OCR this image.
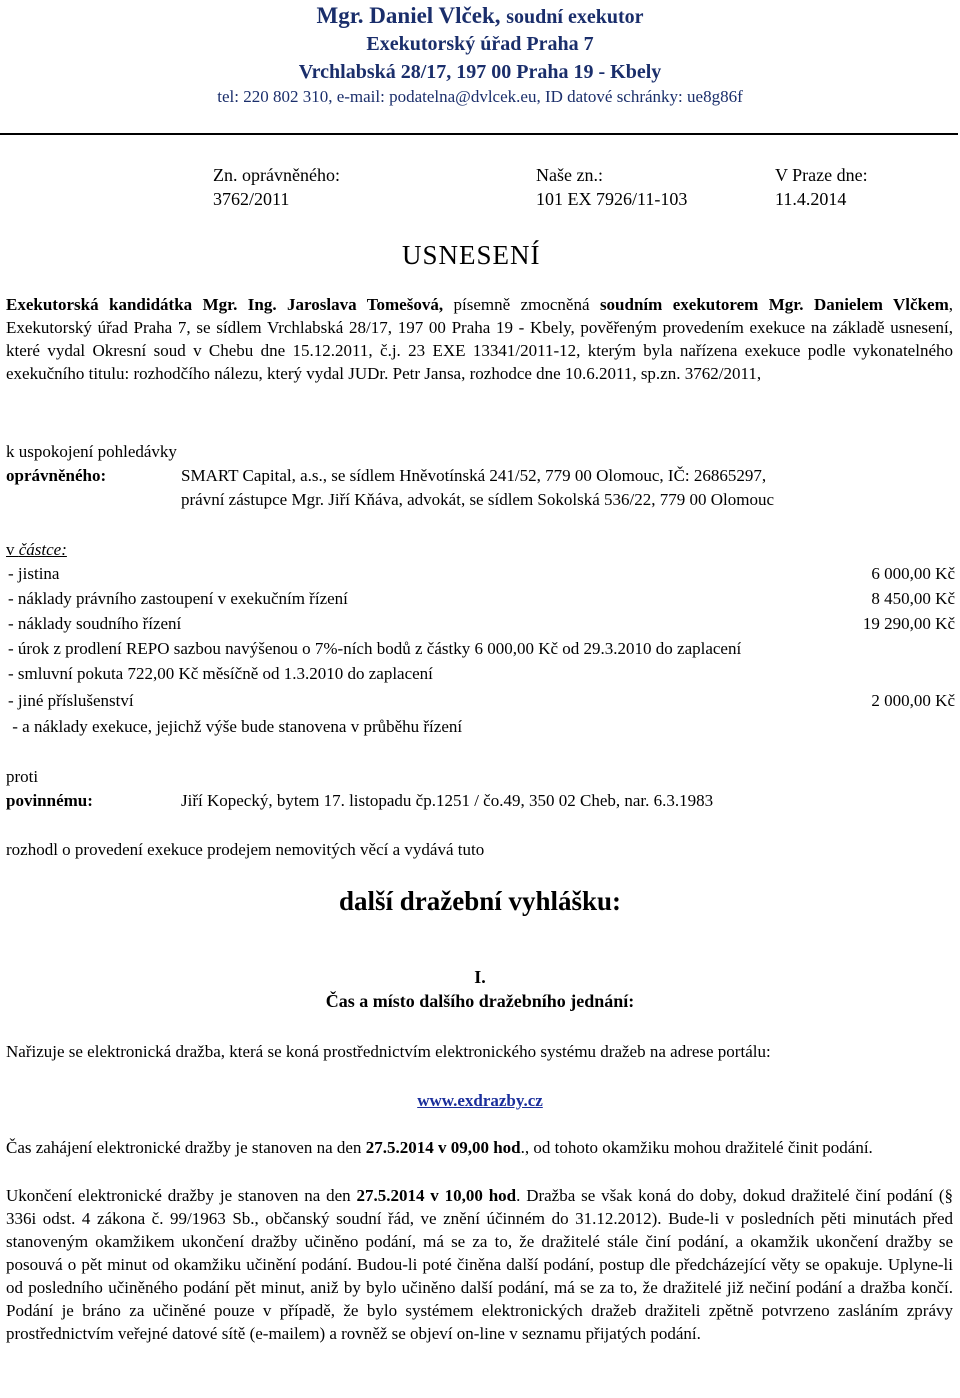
Mgr. Daniel Vlček, soudní exekutor
Exekutorský úřad Praha 7
Vrchlabská 28/17, 197 00 Praha 19 - Kbely
tel: 220 802 310, e-mail: podatelna@dvlcek.eu, ID datové schránky: ue8g86f
Zn. oprávněného:
3762/2011
Naše zn.:
101 EX 7926/11-103
V Praze dne:
11.4.2014
USNESENÍ
Exekutorská kandidátka Mgr. Ing. Jaroslava Tomešová, písemně zmocněná soudním exekutorem Mgr. Danielem Vlčkem, Exekutorský úřad Praha 7, se sídlem Vrchlabská 28/17, 197 00 Praha 19 - Kbely, pověřeným provedením exekuce na základě usnesení, které vydal Okresní soud v Chebu dne 15.12.2011, č.j. 23 EXE 13341/2011-12, kterým byla nařízena exekuce podle vykonatelného exekučního titulu: rozhodčího nálezu, který vydal JUDr. Petr Jansa, rozhodce dne 10.6.2011, sp.zn. 3762/2011,
k uspokojení pohledávky
oprávněného:	SMART Capital, a.s., se sídlem Hněvotínská 241/52, 779 00 Olomouc, IČ: 26865297,
právní zástupce Mgr. Jiří Kňáva, advokát, se sídlem Sokolská 536/22, 779 00 Olomouc
v částce:
- jistina	6 000,00 Kč
- náklady právního zastoupení v exekučním řízení	8 450,00 Kč
- náklady soudního řízení	19 290,00 Kč
- úrok z prodlení REPO sazbou navýšenou o 7%-ních bodů z částky 6 000,00 Kč od 29.3.2010 do zaplacení
- smluvní pokuta 722,00 Kč měsíčně od 1.3.2010 do zaplacení
- jiné příslušenství	2 000,00 Kč
- a náklady exekuce, jejichž výše bude stanovena v průběhu řízení
proti
povinnému:	Jiří Kopecký, bytem 17. listopadu čp.1251 / čo.49, 350 02 Cheb, nar. 6.3.1983
rozhodl o provedení exekuce prodejem nemovitých věcí a vydává tuto
další dražební vyhlášku:
I.
Čas a místo dalšího dražebního jednání:
Nařizuje se elektronická dražba, která se koná prostřednictvím elektronického systému dražeb na adrese portálu:
www.exdrazby.cz
Čas zahájení elektronické dražby je stanoven na den 27.5.2014 v 09,00 hod., od tohoto okamžiku mohou dražitelé činit podání.
Ukončení elektronické dražby je stanoven na den 27.5.2014 v 10,00 hod. Dražba se však koná do doby, dokud dražitelé činí podání (§ 336i odst. 4 zákona č. 99/1963 Sb., občanský soudní řád, ve znění účinném do 31.12.2012). Bude-li v posledních pěti minutách před stanoveným okamžikem ukončení dražby učiněno podání, má se za to, že dražitelé stále činí podání, a okamžik ukončení dražby se posouvá o pět minut od okamžiku učinění podání. Budou-li poté činěna další podání, postup dle předcházející věty se opakuje. Uplyne-li od posledního učiněného podání pět minut, aniž by bylo učiněno další podání, má se za to, že dražitelé již nečiní podání a dražba končí. Podání je bráno za učiněné pouze v případě, že bylo systémem elektronických dražeb dražiteli zpětně potvrzeno zasláním zprávy prostřednictvím veřejné datové sítě (e-mailem) a rovněž se objeví on-line v seznamu přijatých podání.
